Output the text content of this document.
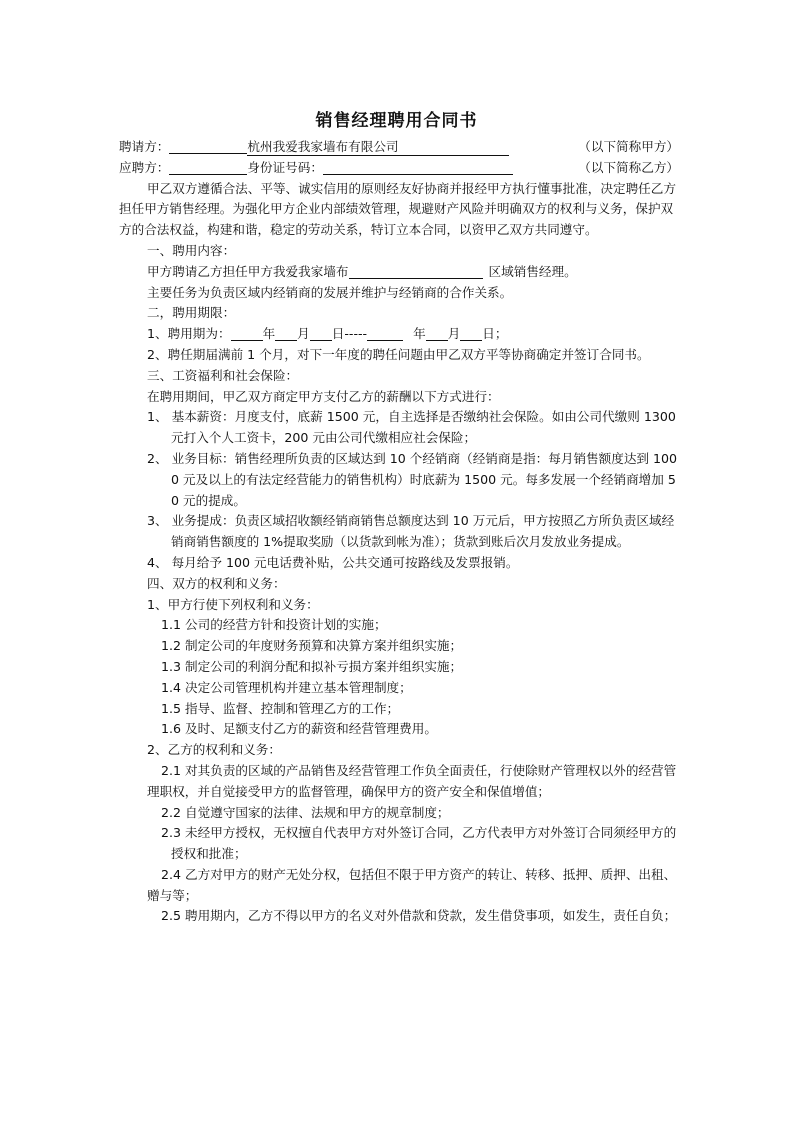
销售经理聘用合同书
聘请方：	杭州我爱我家墙布有限公司	（以下简称甲方）
应聘方：	身份证号码：	（以下简称乙方）
甲乙双方遵循合法、平等、诚实信用的原则经友好协商并报经甲方执行懂事批准，决定聘任乙方担任甲方销售经理。为强化甲方企业内部绩效管理，规避财产风险并明确双方的权利与义务，保护双方的合法权益，构建和谐，稳定的劳动关系，特订立本合同，以资甲乙双方共同遵守。
一、聘用内容：
甲方聘请乙方担任甲方我爱我家墙布	区域销售经理。
主要任务为负责区域内经销商的发展并维护与经销商的合作关系。
二，聘用期限：
1、聘用期为：	年 月 日-----	年 月 日；
2、聘任期届满前 1 个月，对下一年度的聘任问题由甲乙双方平等协商确定并签订合同书。
三、工资福利和社会保险：
在聘用期间，甲乙双方商定甲方支付乙方的薪酬以下方式进行：
1、 基本薪资：月度支付，底薪 1500 元，自主选择是否缴纳社会保险。如由公司代缴则 1300 元打入个人工资卡，200 元由公司代缴相应社会保险；
2、 业务目标：销售经理所负责的区域达到 10 个经销商（经销商是指：每月销售额度达到 1000 元及以上的有法定经营能力的销售机构）时底薪为 1500 元。每多发展一个经销商增加 50 元的提成。
3、 业务提成：负责区域招收额经销商销售总额度达到 10 万元后，甲方按照乙方所负责区域经销商销售额度的 1%提取奖励（以货款到帐为准）；货款到账后次月发放业务提成。
4、 每月给予 100 元电话费补贴，公共交通可按路线及发票报销。
四、双方的权利和义务：
1、甲方行使下列权利和义务：
1.1 公司的经营方针和投资计划的实施；
1.2 制定公司的年度财务预算和决算方案并组织实施；
1.3 制定公司的利润分配和拟补亏损方案并组织实施；
1.4 决定公司管理机构并建立基本管理制度；
1.5 指导、监督、控制和管理乙方的工作；
1.6 及时、足额支付乙方的薪资和经营管理费用。
2、乙方的权利和义务：
2.1 对其负责的区域的产品销售及经营管理工作负全面责任，行使除财产管理权以外的经营管理职权，并自觉接受甲方的监督管理，确保甲方的资产安全和保值增值；
2.2 自觉遵守国家的法律、法规和甲方的规章制度；
2.3 未经甲方授权，无权擅自代表甲方对外签订合同，乙方代表甲方对外签订合同须经甲方的授权和批准；
2.4 乙方对甲方的财产无处分权，包括但不限于甲方资产的转让、转移、抵押、质押、出租、赠与等；
2.5 聘用期内，乙方不得以甲方的名义对外借款和贷款，发生借贷事项，如发生，责任自负；
